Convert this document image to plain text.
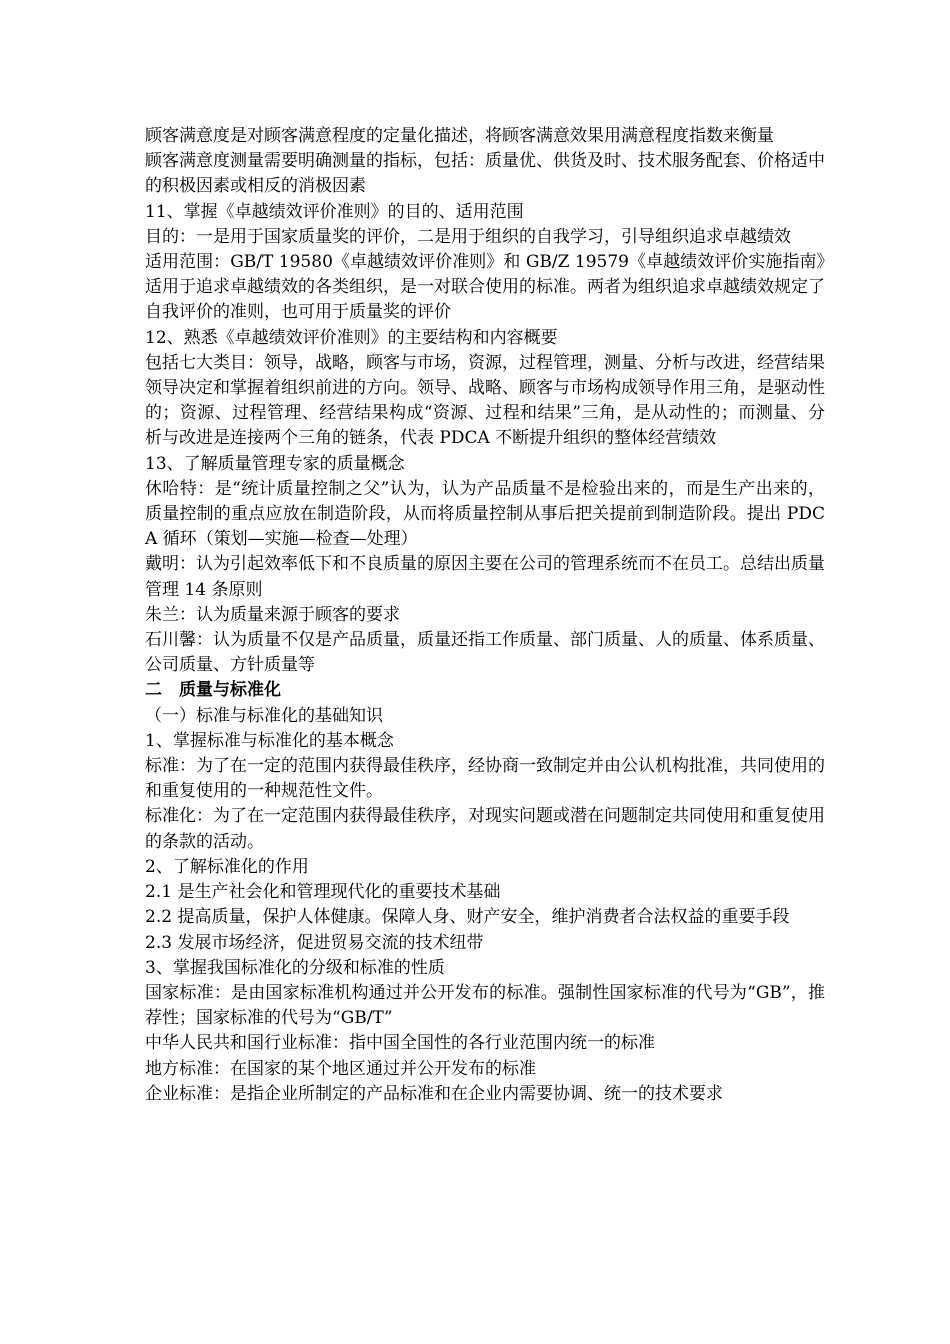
顾客满意度是对顾客满意程度的定量化描述，将顾客满意效果用满意程度指数来衡量

顾客满意度测量需要明确测量的指标，包括：质量优、供货及时、技术服务配套、价格适中的积极因素或相反的消极因素

11、掌握《卓越绩效评价准则》的目的、适用范围

目的：一是用于国家质量奖的评价，二是用于组织的自我学习，引导组织追求卓越绩效

适用范围：GB/T 19580《卓越绩效评价准则》和 GB/Z 19579《卓越绩效评价实施指南》适用于追求卓越绩效的各类组织，是一对联合使用的标准。两者为组织追求卓越绩效规定了自我评价的准则，也可用于质量奖的评价

12、熟悉《卓越绩效评价准则》的主要结构和内容概要

包括七大类目：领导，战略，顾客与市场，资源，过程管理，测量、分析与改进，经营结果

领导决定和掌握着组织前进的方向。领导、战略、顾客与市场构成领导作用三角，是驱动性的；资源、过程管理、经营结果构成“资源、过程和结果”三角，是从动性的；而测量、分析与改进是连接两个三角的链条，代表 PDCA 不断提升组织的整体经营绩效

13、了解质量管理专家的质量概念

休哈特：是“统计质量控制之父”认为，认为产品质量不是检验出来的，而是生产出来的，质量控制的重点应放在制造阶段，从而将质量控制从事后把关提前到制造阶段。提出 PDCA 循环（策划—实施—检查—处理）

戴明：认为引起效率低下和不良质量的原因主要在公司的管理系统而不在员工。总结出质量管理 14 条原则

朱兰：认为质量来源于顾客的要求

石川馨：认为质量不仅是产品质量，质量还指工作质量、部门质量、人的质量、体系质量、公司质量、方针质量等

二　质量与标准化

（一）标准与标准化的基础知识

1、掌握标准与标准化的基本概念

标准：为了在一定的范围内获得最佳秩序，经协商一致制定并由公认机构批准，共同使用的和重复使用的一种规范性文件。

标准化：为了在一定范围内获得最佳秩序，对现实问题或潜在问题制定共同使用和重复使用的条款的活动。

2、了解标准化的作用

2.1 是生产社会化和管理现代化的重要技术基础

2.2 提高质量，保护人体健康。保障人身、财产安全，维护消费者合法权益的重要手段

2.3 发展市场经济，促进贸易交流的技术纽带

3、掌握我国标准化的分级和标准的性质

国家标准：是由国家标准机构通过并公开发布的标准。强制性国家标准的代号为“GB”，推荐性；国家标准的代号为“GB/T”

中华人民共和国行业标准：指中国全国性的各行业范围内统一的标准

地方标准：在国家的某个地区通过并公开发布的标准

企业标准：是指企业所制定的产品标准和在企业内需要协调、统一的技术要求
